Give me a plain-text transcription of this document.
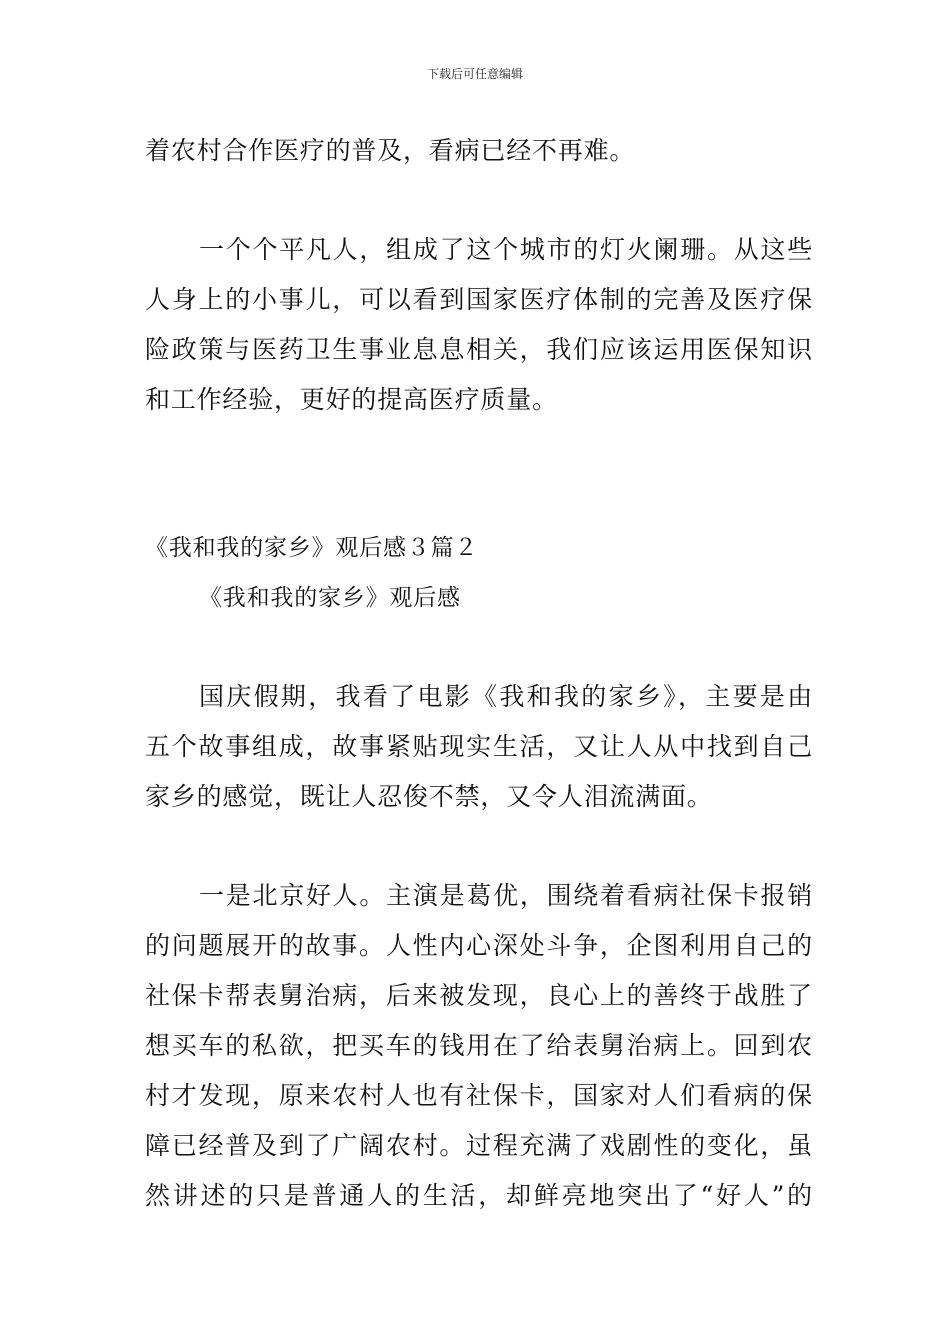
下载后可任意编辑
着农村合作医疗的普及，看病已经不再难。
一个个平凡人，组成了这个城市的灯火阑珊。从这些
人身上的小事儿，可以看到国家医疗体制的完善及医疗保
险政策与医药卫生事业息息相关，我们应该运用医保知识
和工作经验，更好的提高医疗质量。
《我和我的家乡》观后感３篇２
《我和我的家乡》观后感
国庆假期，我看了电影《我和我的家乡》，主要是由
五个故事组成，故事紧贴现实生活，又让人从中找到自己
家乡的感觉，既让人忍俊不禁，又令人泪流满面。
一是北京好人。主演是葛优，围绕着看病社保卡报销
的问题展开的故事。人性内心深处斗争，企图利用自己的
社保卡帮表舅治病，后来被发现，良心上的善终于战胜了
想买车的私欲，把买车的钱用在了给表舅治病上。回到农
村才发现，原来农村人也有社保卡，国家对人们看病的保
障已经普及到了广阔农村。过程充满了戏剧性的变化，虽
然讲述的只是普通人的生活，却鲜亮地突出了“好人”的
